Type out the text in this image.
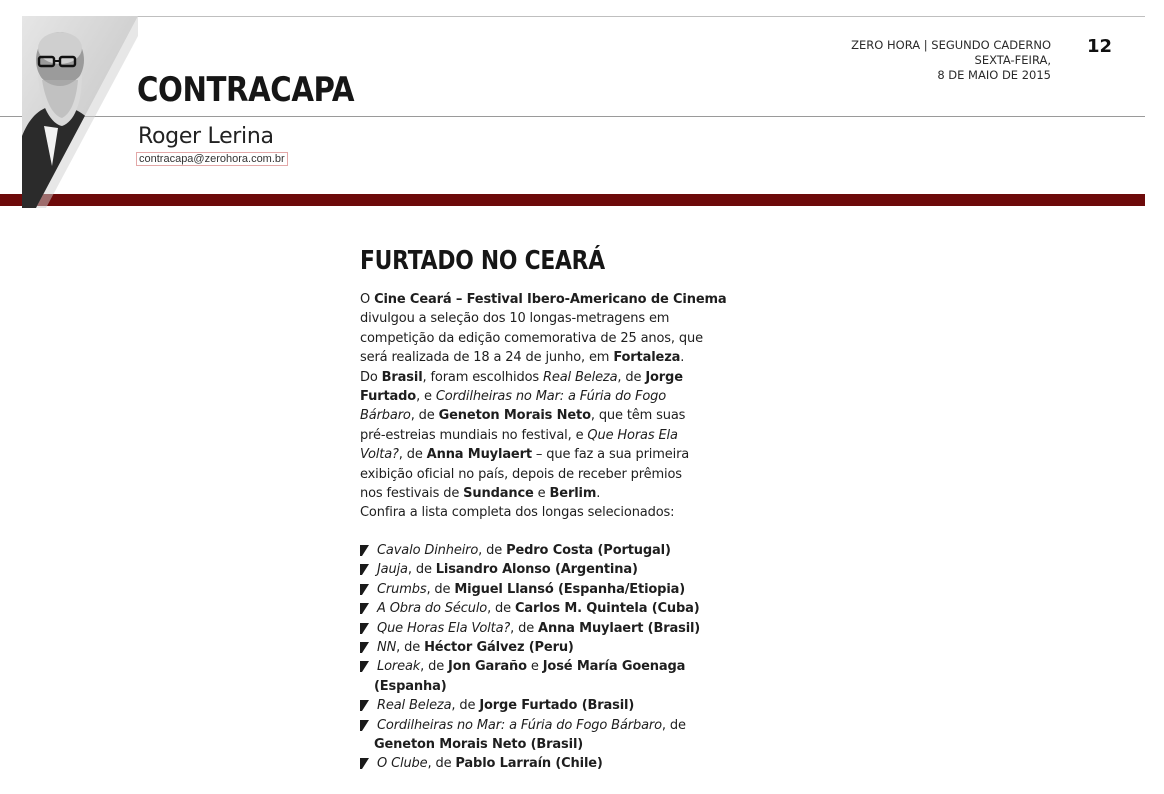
CONTRACAPA
Roger Lerina
contracapa@zerohora.com.br
ZERO HORA | SEGUNDO CADERNO
SEXTA-FEIRA,
8 DE MAIO DE 2015
12
FURTADO NO CEARÁ
O Cine Ceará – Festival Ibero-Americano de Cinema
divulgou a seleção dos 10 longas-metragens em
competição da edição comemorativa de 25 anos, que
será realizada de 18 a 24 de junho, em Fortaleza.
Do Brasil, foram escolhidos Real Beleza, de Jorge
Furtado, e Cordilheiras no Mar: a Fúria do Fogo
Bárbaro, de Geneton Morais Neto, que têm suas
pré-estreias mundiais no festival, e Que Horas Ela
Volta?, de Anna Muylaert – que faz a sua primeira
exibição oficial no país, depois de receber prêmios
nos festivais de Sundance e Berlim.
Confira a lista completa dos longas selecionados:
Cavalo Dinheiro, de Pedro Costa (Portugal)
Jauja, de Lisandro Alonso (Argentina)
Crumbs, de Miguel Llansó (Espanha/Etiopia)
A Obra do Século, de Carlos M. Quintela (Cuba)
Que Horas Ela Volta?, de Anna Muylaert (Brasil)
NN, de Héctor Gálvez (Peru)
Loreak, de Jon Garaño e José María Goenaga
(Espanha)
Real Beleza, de Jorge Furtado (Brasil)
Cordilheiras no Mar: a Fúria do Fogo Bárbaro, de
Geneton Morais Neto (Brasil)
O Clube, de Pablo Larraín (Chile)
